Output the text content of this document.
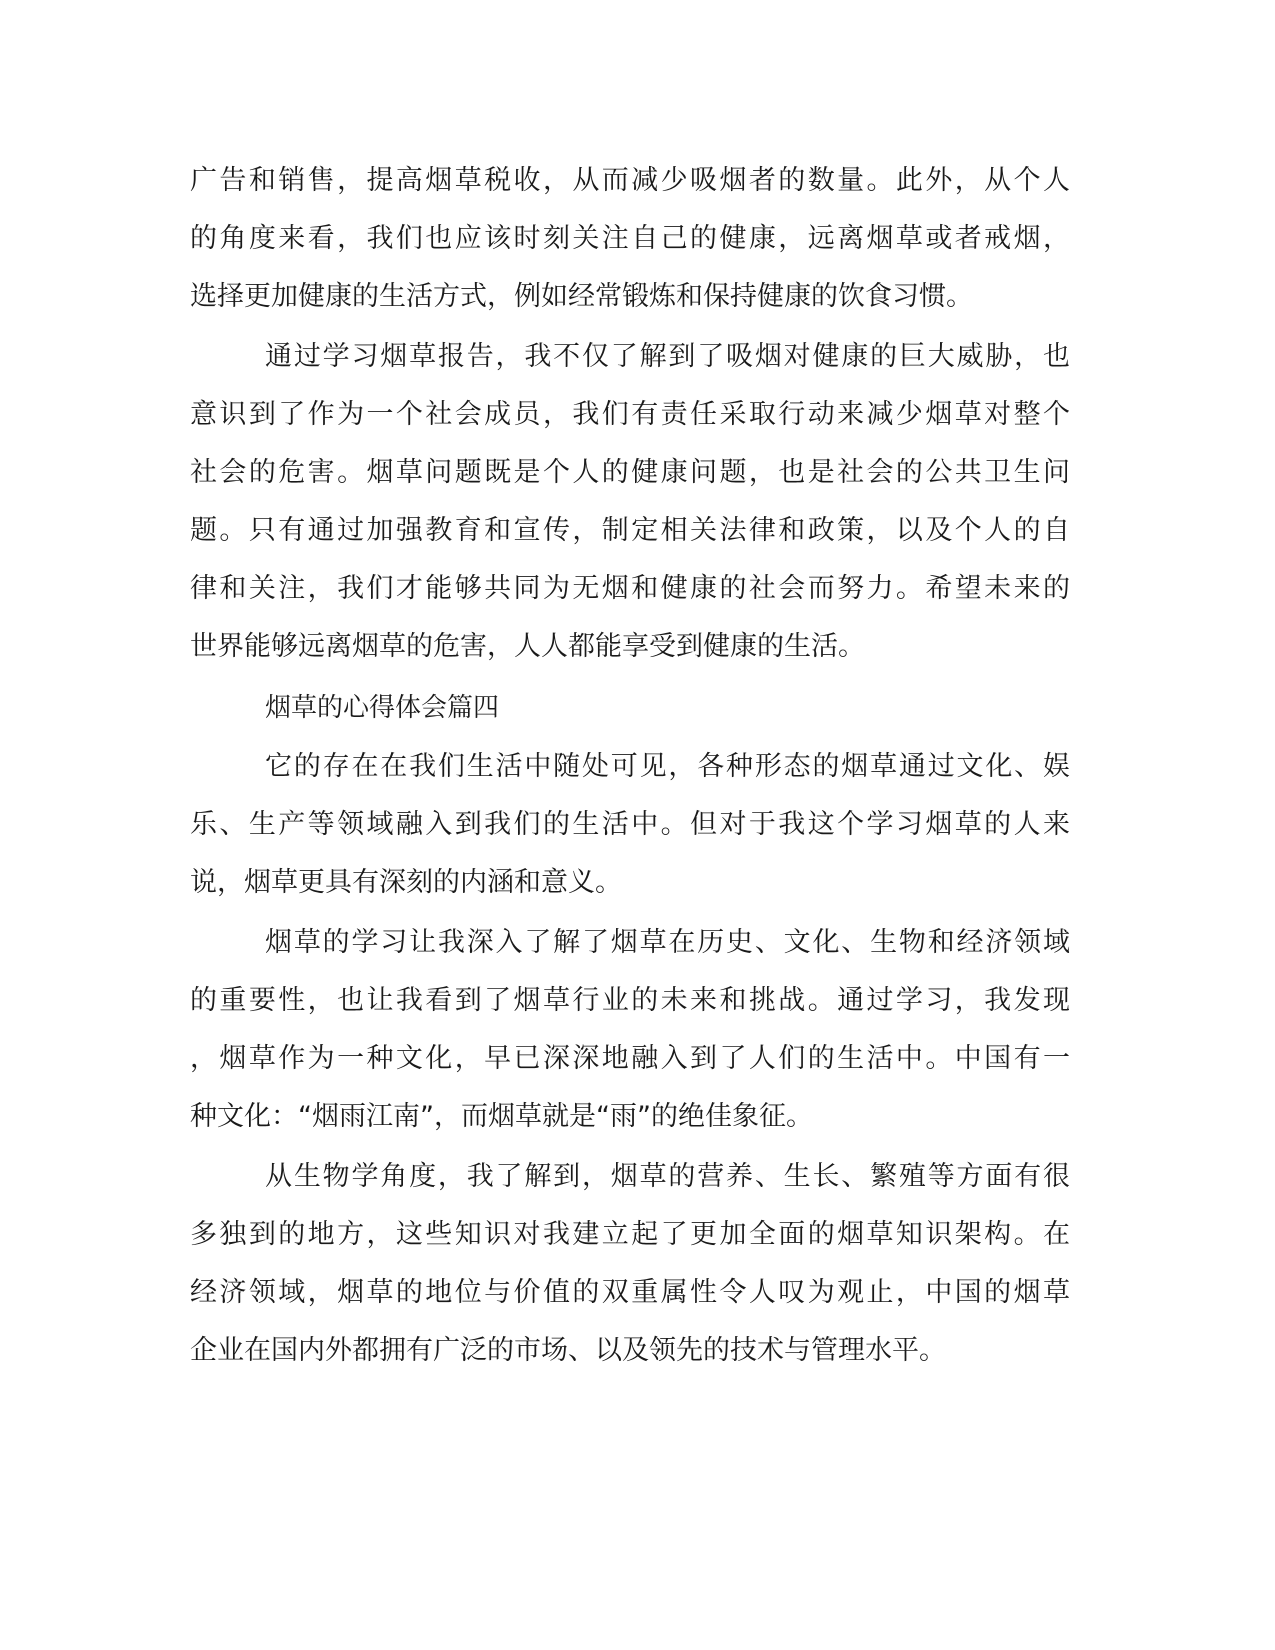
广告和销售，提高烟草税收，从而减少吸烟者的数量。此外，从个人
的角度来看，我们也应该时刻关注自己的健康，远离烟草或者戒烟，
选择更加健康的生活方式，例如经常锻炼和保持健康的饮食习惯。
通过学习烟草报告，我不仅了解到了吸烟对健康的巨大威胁，也
意识到了作为一个社会成员，我们有责任采取行动来减少烟草对整个
社会的危害。烟草问题既是个人的健康问题，也是社会的公共卫生问
题。只有通过加强教育和宣传，制定相关法律和政策，以及个人的自
律和关注，我们才能够共同为无烟和健康的社会而努力。希望未来的
世界能够远离烟草的危害，人人都能享受到健康的生活。
烟草的心得体会篇四
它的存在在我们生活中随处可见，各种形态的烟草通过文化、娱
乐、生产等领域融入到我们的生活中。但对于我这个学习烟草的人来
说，烟草更具有深刻的内涵和意义。
烟草的学习让我深入了解了烟草在历史、文化、生物和经济领域
的重要性，也让我看到了烟草行业的未来和挑战。通过学习，我发现
，烟草作为一种文化，早已深深地融入到了人们的生活中。中国有一
种文化：“烟雨江南”，而烟草就是“雨”的绝佳象征。
从生物学角度，我了解到，烟草的营养、生长、繁殖等方面有很
多独到的地方，这些知识对我建立起了更加全面的烟草知识架构。在
经济领域，烟草的地位与价值的双重属性令人叹为观止，中国的烟草
企业在国内外都拥有广泛的市场、以及领先的技术与管理水平。
